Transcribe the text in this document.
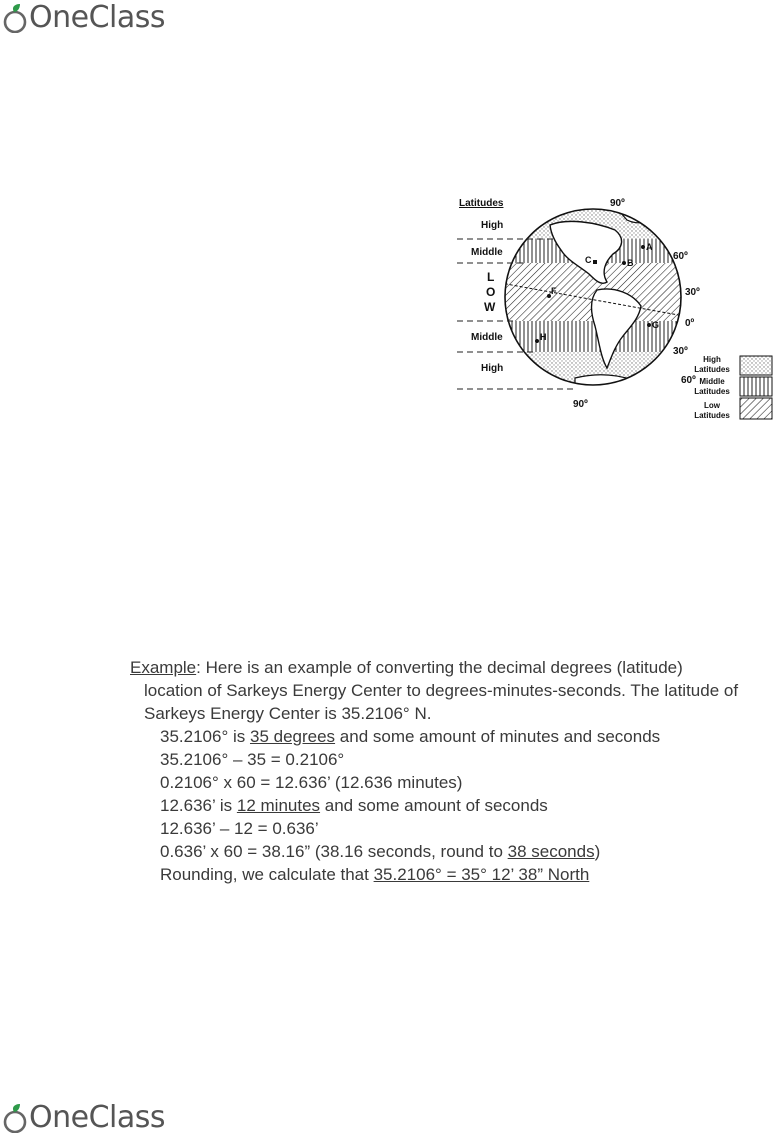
OneClass
Latitudes
High
Middle
L
O
W
Middle
High
90º
60º
30º
0º
30º
60º
90º
A
B
C
F
G
H
High
Latitudes
Middle
Latitudes
Low
Latitudes

Example: Here is an example of converting the decimal degrees (latitude)
location of Sarkeys Energy Center to degrees-minutes-seconds. The latitude of
Sarkeys Energy Center is 35.2106° N.

35.2106° is 35 degrees and some amount of minutes and seconds
35.2106° – 35 = 0.2106°
0.2106° x 60 = 12.636’ (12.636 minutes)
12.636’ is 12 minutes and some amount of seconds
12.636’ – 12 = 0.636’
0.636’ x 60 = 38.16” (38.16 seconds, round to 38 seconds)
Rounding, we calculate that 35.2106° = 35° 12’ 38” North
OneClass
